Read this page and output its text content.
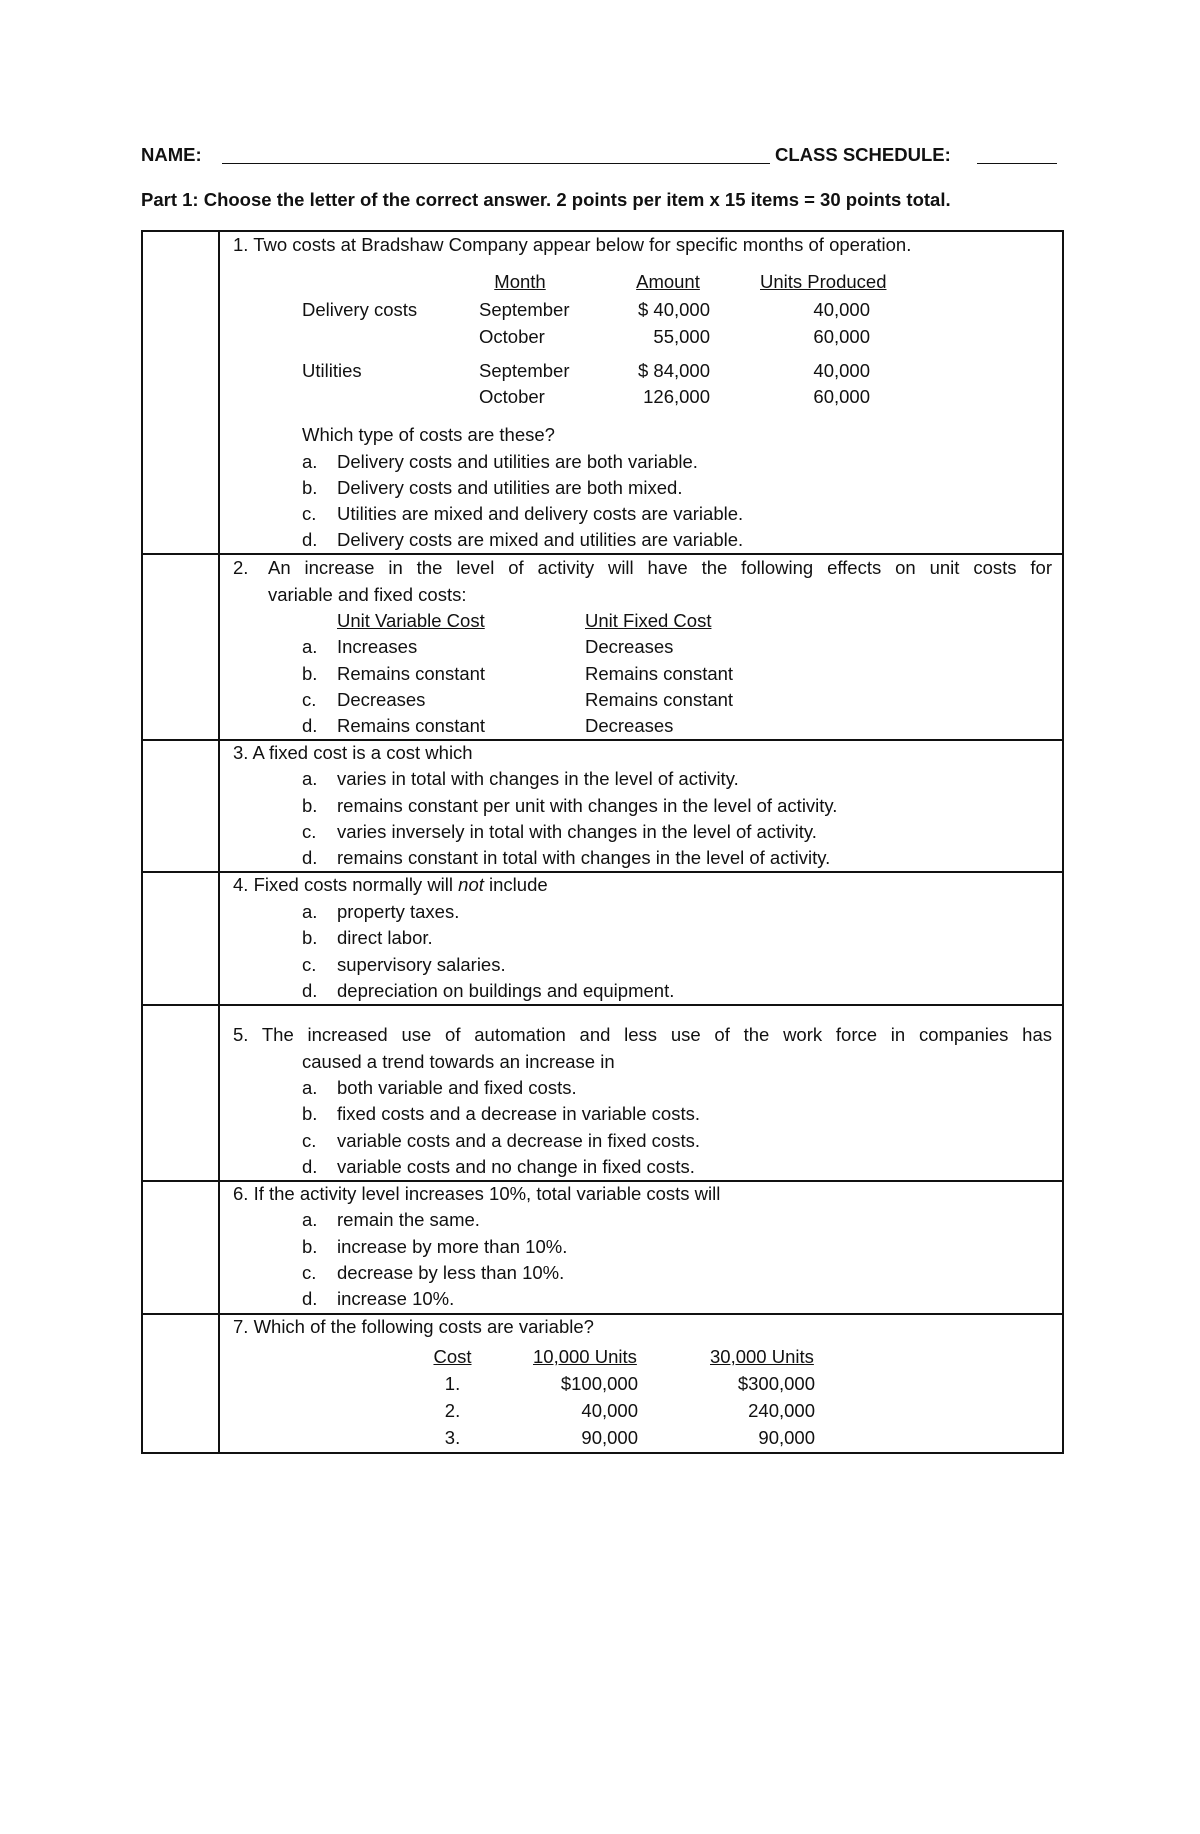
NAME:	CLASS SCHEDULE:
Part 1: Choose the letter of the correct answer. 2 points per item x 15 items = 30 points total.
1. Two costs at Bradshaw Company appear below for specific months of operation.
Month	Amount	Units Produced
Delivery costs	September	$ 40,000	40,000
October	55,000	60,000
Utilities	September	$ 84,000	40,000
October	126,000	60,000
Which type of costs are these?
a. Delivery costs and utilities are both variable.
b. Delivery costs and utilities are both mixed.
c. Utilities are mixed and delivery costs are variable.
d. Delivery costs are mixed and utilities are variable.
2. An increase in the level of activity will have the following effects on unit costs for
variable and fixed costs:
Unit Variable Cost	Unit Fixed Cost
a. Increases	Decreases
b. Remains constant	Remains constant
c. Decreases	Remains constant
d. Remains constant	Decreases
3. A fixed cost is a cost which
a. varies in total with changes in the level of activity.
b. remains constant per unit with changes in the level of activity.
c. varies inversely in total with changes in the level of activity.
d. remains constant in total with changes in the level of activity.
4. Fixed costs normally will not include
a. property taxes.
b. direct labor.
c. supervisory salaries.
d. depreciation on buildings and equipment.
5. The increased use of automation and less use of the work force in companies has
caused a trend towards an increase in
a. both variable and fixed costs.
b. fixed costs and a decrease in variable costs.
c. variable costs and a decrease in fixed costs.
d. variable costs and no change in fixed costs.
6. If the activity level increases 10%, total variable costs will
a. remain the same.
b. increase by more than 10%.
c. decrease by less than 10%.
d. increase 10%.
7. Which of the following costs are variable?
Cost	10,000 Units	30,000 Units
1.	$100,000	$300,000
2.	40,000	240,000
3.	90,000	90,000
